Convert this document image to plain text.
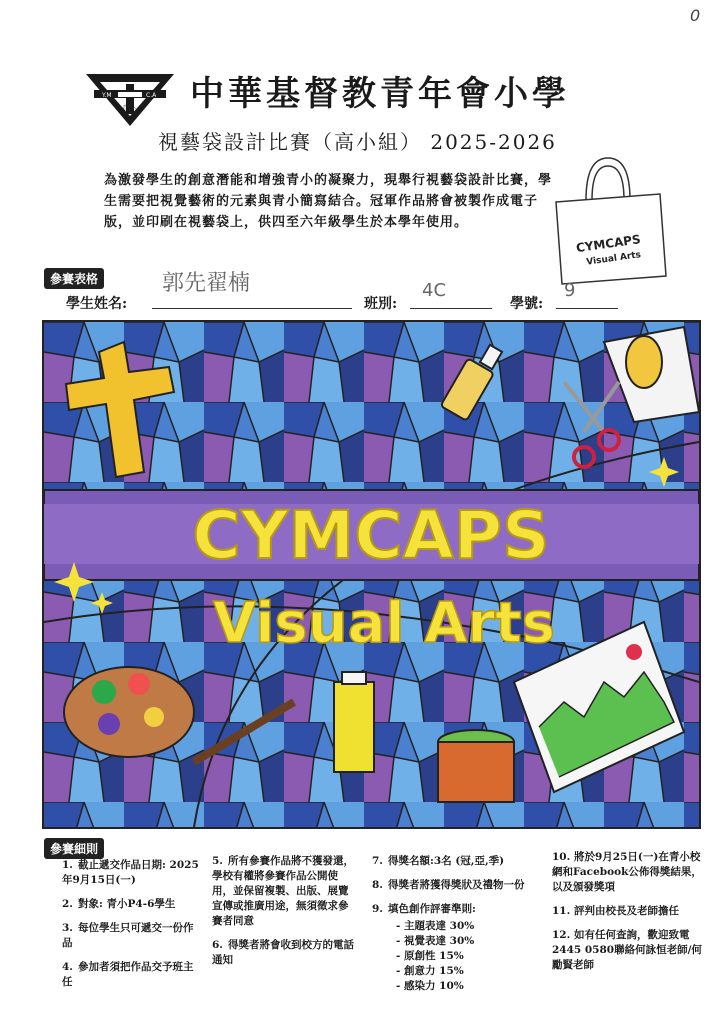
0
Y.M	C.A
青 小 中華基督教青年會小學
視藝袋設計比賽（高小組） 2025-2026
為激發學生的創意潛能和增強青小的凝聚力，現舉行視藝袋設計比賽，學生需要把視覺藝術的元素與青小簡寫結合。冠軍作品將會被製作成電子版，並印刷在視藝袋上，供四至六年級學生於本學年使用。
CYMCAPS
Visual Arts
參賽表格
學生姓名:
郭先翟楠
班別:
4C
學號:
9
CYMCAPS
Visual Arts
參賽細則
1. 截止遞交作品日期: 2025年9月15日(一)
2. 對象: 青小P4-6學生
3. 每位學生只可遞交一份作品
4. 參加者須把作品交予班主任
5. 所有參賽作品將不獲發還，學校有權將參賽作品公開使用，並保留複製、出版、展覽宣傳或推廣用途，無須徵求參賽者同意
6. 得獎者將會收到校方的電話通知
7. 得獎名額:3名 (冠,亞,季)
8. 得獎者將獲得獎狀及禮物一份
9. 填色創作評審準則:
- 主題表達 30%
- 視覺表達 30%
- 原創性 15%
- 創意力 15%
- 感染力 10%
10. 將於9月25日(一)在青小校網和Facebook公佈得獎結果，以及頒發獎項
11. 評判由校長及老師擔任
12. 如有任何查詢，歡迎致電2445 0580聯絡何詠恒老師/何勵賢老師
